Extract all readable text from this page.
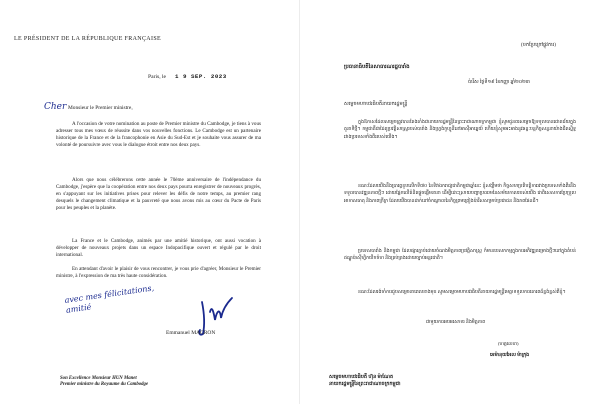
LE PRÉSIDENT DE LA RÉPUBLIQUE FRANÇAISE
Paris, le 1 9 SEP. 2023
Cher Monsieur le Premier ministre,

A l'occasion de votre nomination au poste de Premier ministre du Cambodge, je tiens à vous adresser tous mes vœux de réussite dans vos nouvelles fonctions. Le Cambodge est un partenaire historique de la France et de la francophonie en Asie du Sud-Est et je souhaite vous assurer de ma volonté de poursuivre avec vous le dialogue étroit entre nos deux pays.

Alors que nous célébrerons cette année le 70ème anniversaire de l'indépendance du Cambodge, j'espère que la coopération entre nos deux pays pourra enregistrer de nouveaux progrès, en s'appuyant sur les initiatives prises pour relever les défis de notre temps, au premier rang desquels le changement climatique et la pauvreté que nous avons mis au cœur du Pacte de Paris pour les peuples et la planète.

La France et le Cambodge, animés par une amitié historique, ont aussi vocation à développer de nouveaux projets dans un espace Indopacifique ouvert et régulé par le droit international.

En attendant d'avoir le plaisir de vous rencontrer, je vous prie d'agréer, Monsieur le Premier ministre, à l'expression de ma très haute considération.

avec mes félicitations,
amitié
Emmanuel MACRON
Son Excellence Monsieur HUN Manet
Premier ministre du Royaume du Cambodge
(បកប្រែក្រៅផ្លូវការ)
ប្រធានាធិបតីនៃសាធារណរដ្ឋបារាំង
ប៉ារីស ថ្ងៃទី១៩ ខែកញ្ញា ឆ្នាំ២០២៣
សម្តេចមហាបវរធិបតីនាយករដ្ឋមន្ត្រី

ក្នុងឱកាសដែលសម្តេចត្រូវបានតែងតាំងជានាយករដ្ឋមន្ត្រីនៃព្រះរាជាណាចក្រកម្ពុជា ខ្ញុំសូមជូនពរសម្តេចឱ្យទទួលបានជោគជ័យក្នុងតួនាទីថ្មី។ កម្ពុជាគឺជាដៃគូប្រវត្តិសាស្ត្ររបស់បារាំង និងហ្វ្រង់កូហ្វូនីនៅអាស៊ីអាគ្នេយ៍ ហើយខ្ញុំសូមអះអាងនូវឆន្ទៈបន្តកិច្ចសន្ទនាយ៉ាងជិតស្និទ្ធរវាងប្រទេសទាំងពីររបស់យើង។

ខណៈដែលយើងនឹងប្រារព្ធខួបលើកទី៧០ នៃទិវាឯករាជ្យជាតិកម្ពុជាឆ្នាំនេះ ខ្ញុំសង្ឃឹមថា កិច្ចសហប្រតិបត្តិការរវាងប្រទេសទាំងពីរនឹងទទួលបានវឌ្ឍនភាពថ្មីៗ ដោយផ្អែកលើគំនិតផ្តួចផ្តើមនានា ដើម្បីដោះស្រាយបញ្ហាប្រឈមនៃសម័យកាលរបស់យើង ជាពិសេសការប្រែប្រួលអាកាសធាតុ និងភាពក្រីក្រ ដែលយើងបានដាក់នៅចំកណ្តាលនៃកិច្ចព្រមព្រៀងប៉ារីសសម្រាប់ប្រជាជន និងភពផែនដី។

ប្រទេសបារាំង និងកម្ពុជា ដែលផ្សារភ្ជាប់ដោយចំណងមិត្តភាពប្រវត្តិសាស្ត្រ ក៏មានបេសកកម្មក្នុងការអភិវឌ្ឍគម្រោងថ្មីៗនៅក្នុងតំបន់ឥណ្ឌូប៉ាស៊ីហ្វិកបើកចំហ និងគ្រប់គ្រងដោយច្បាប់អន្តរជាតិ។

ខណៈដែលរង់ចាំការជួបសម្តេចនាពេលខាងមុខ សូមសម្តេចមហាបវរធិបតីនាយករដ្ឋមន្ត្រីមេត្តាទទួលការគោរពដ៏ខ្ពង់ខ្ពស់ពីខ្ញុំ។

ជាមួយការអបអរសាទរ និងមិត្តភាព
(ហត្ថលេខា)
អេម៉ានុយអែល ម៉ាក្រុង
សម្តេចមហាបវរធិបតី ហ៊ុន ម៉ាណែត
នាយករដ្ឋមន្ត្រីនៃព្រះរាជាណាចក្រកម្ពុជា
